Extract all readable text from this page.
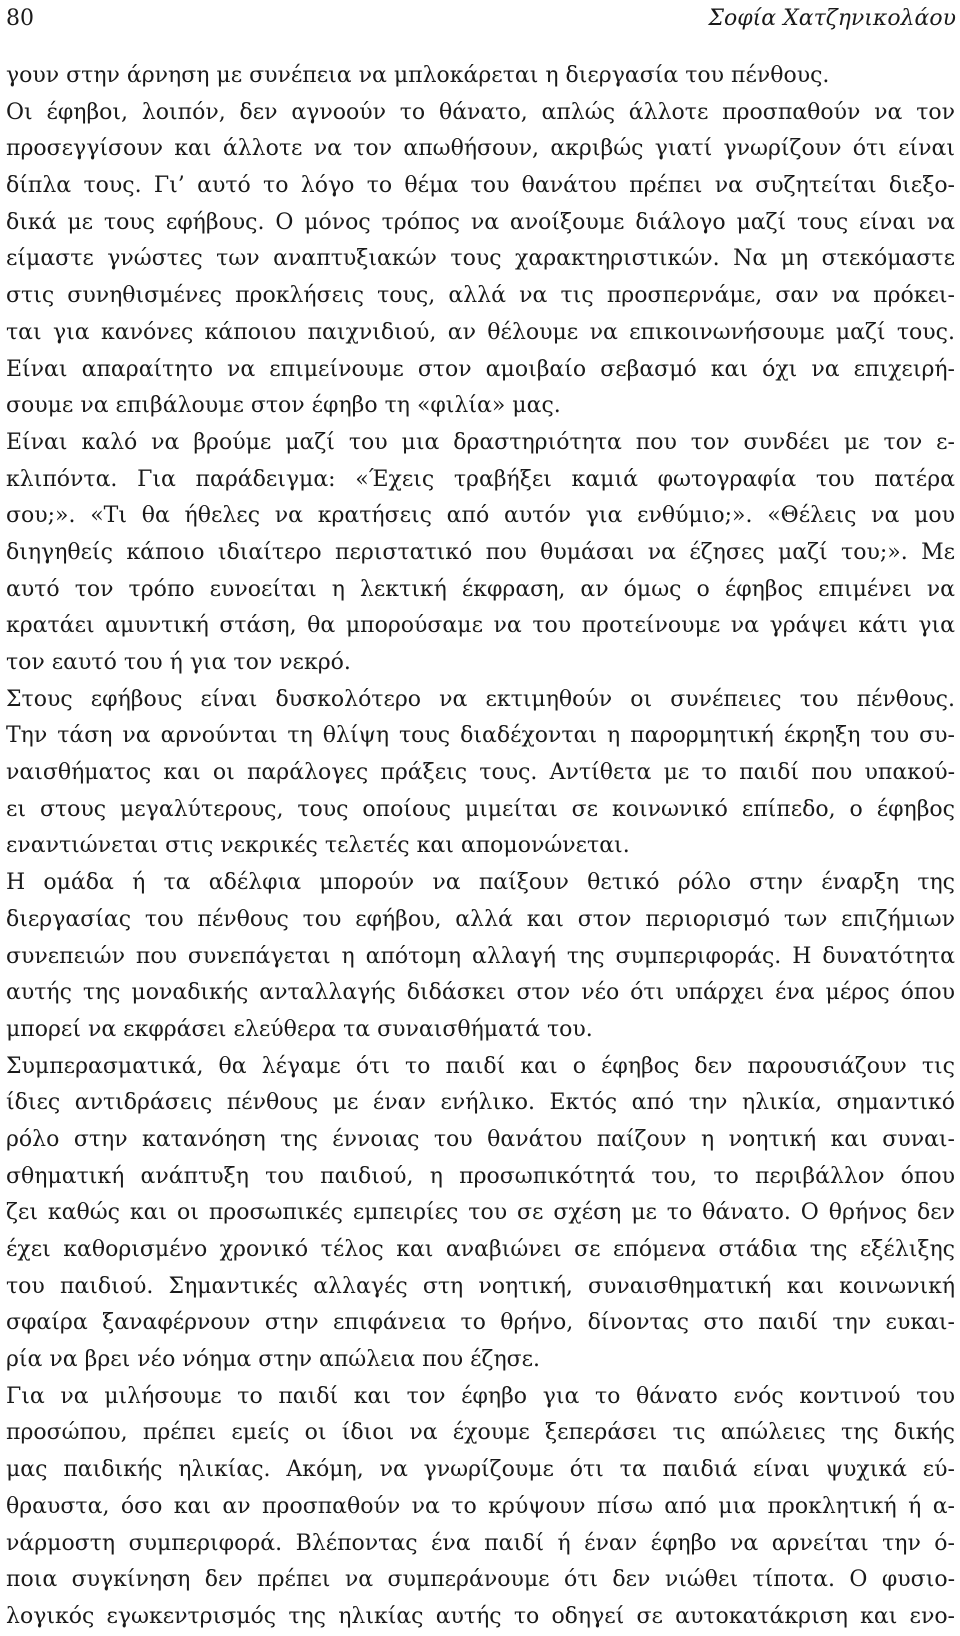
80	Σοφία Χατζηνικολάου
γουν στην άρνηση με συνέπεια να μπλοκάρεται η διεργασία του πένθους.
Οι έφηβοι, λοιπόν, δεν αγνοούν το θάνατο, απλώς άλλοτε προσπαθούν να τον
προσεγγίσουν και άλλοτε να τον απωθήσουν, ακριβώς γιατί γνωρίζουν ότι είναι
δίπλα τους. Γι’ αυτό το λόγο το θέμα του θανάτου πρέπει να συζητείται διεξο-
δικά με τους εφήβους. Ο μόνος τρόπος να ανοίξουμε διάλογο μαζί τους είναι να
είμαστε γνώστες των αναπτυξιακών τους χαρακτηριστικών. Να μη στεκόμαστε
στις συνηθισμένες προκλήσεις τους, αλλά να τις προσπερνάμε, σαν να πρόκει-
ται για κανόνες κάποιου παιχνιδιού, αν θέλουμε να επικοινωνήσουμε μαζί τους.
Είναι απαραίτητο να επιμείνουμε στον αμοιβαίο σεβασμό και όχι να επιχειρή-
σουμε να επιβάλουμε στον έφηβο τη «φιλία» μας.
Είναι καλό να βρούμε μαζί του μια δραστηριότητα που τον συνδέει με τον ε-
κλιπόντα. Για παράδειγμα: «Έχεις τραβήξει καμιά φωτογραφία του πατέρα
σου;». «Τι θα ήθελες να κρατήσεις από αυτόν για ενθύμιο;». «Θέλεις να μου
διηγηθείς κάποιο ιδιαίτερο περιστατικό που θυμάσαι να έζησες μαζί του;». Με
αυτό τον τρόπο ευνοείται η λεκτική έκφραση, αν όμως ο έφηβος επιμένει να
κρατάει αμυντική στάση, θα μπορούσαμε να του προτείνουμε να γράψει κάτι για
τον εαυτό του ή για τον νεκρό.
Στους εφήβους είναι δυσκολότερο να εκτιμηθούν οι συνέπειες του πένθους.
Την τάση να αρνούνται τη θλίψη τους διαδέχονται η παρορμητική έκρηξη του συ-
ναισθήματος και οι παράλογες πράξεις τους. Αντίθετα με το παιδί που υπακού-
ει στους μεγαλύτερους, τους οποίους μιμείται σε κοινωνικό επίπεδο, ο έφηβος
εναντιώνεται στις νεκρικές τελετές και απομονώνεται.
Η ομάδα ή τα αδέλφια μπορούν να παίξουν θετικό ρόλο στην έναρξη της
διεργασίας του πένθους του εφήβου, αλλά και στον περιορισμό των επιζήμιων
συνεπειών που συνεπάγεται η απότομη αλλαγή της συμπεριφοράς. Η δυνατότητα
αυτής της μοναδικής ανταλλαγής διδάσκει στον νέο ότι υπάρχει ένα μέρος όπου
μπορεί να εκφράσει ελεύθερα τα συναισθήματά του.
Συμπερασματικά, θα λέγαμε ότι το παιδί και ο έφηβος δεν παρουσιάζουν τις
ίδιες αντιδράσεις πένθους με έναν ενήλικο. Εκτός από την ηλικία, σημαντικό
ρόλο στην κατανόηση της έννοιας του θανάτου παίζουν η νοητική και συναι-
σθηματική ανάπτυξη του παιδιού, η προσωπικότητά του, το περιβάλλον όπου
ζει καθώς και οι προσωπικές εμπειρίες του σε σχέση με το θάνατο. Ο θρήνος δεν
έχει καθορισμένο χρονικό τέλος και αναβιώνει σε επόμενα στάδια της εξέλιξης
του παιδιού. Σημαντικές αλλαγές στη νοητική, συναισθηματική και κοινωνική
σφαίρα ξαναφέρνουν στην επιφάνεια το θρήνο, δίνοντας στο παιδί την ευκαι-
ρία να βρει νέο νόημα στην απώλεια που έζησε.
Για να μιλήσουμε το παιδί και τον έφηβο για το θάνατο ενός κοντινού του
προσώπου, πρέπει εμείς οι ίδιοι να έχουμε ξεπεράσει τις απώλειες της δικής
μας παιδικής ηλικίας. Ακόμη, να γνωρίζουμε ότι τα παιδιά είναι ψυχικά εύ-
θραυστα, όσο και αν προσπαθούν να το κρύψουν πίσω από μια προκλητική ή α-
νάρμοστη συμπεριφορά. Βλέποντας ένα παιδί ή έναν έφηβο να αρνείται την ό-
ποια συγκίνηση δεν πρέπει να συμπεράνουμε ότι δεν νιώθει τίποτα. Ο φυσιο-
λογικός εγωκεντρισμός της ηλικίας αυτής το οδηγεί σε αυτοκατάκριση και ενο-
